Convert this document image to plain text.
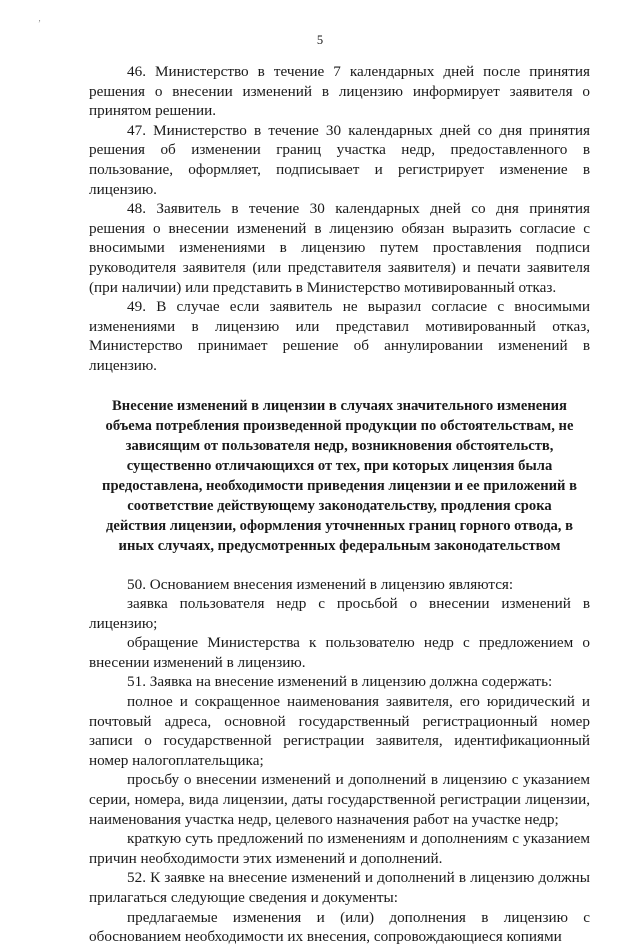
‚
5

46. Министерство в течение 7 календарных дней после принятия решения о внесении изменений в лицензию информирует заявителя о принятом решении.

47. Министерство в течение 30 календарных дней со дня принятия решения об изменении границ участка недр, предоставленного в пользование, оформляет, подписывает и регистрирует изменение в лицензию.

48. Заявитель в течение 30 календарных дней со дня принятия решения о внесении изменений в лицензию обязан выразить согласие с вносимыми изменениями в лицензию путем проставления подписи руководителя заявителя (или представителя заявителя) и печати заявителя (при наличии) или представить в Министерство мотивированный отказ.

49. В случае если заявитель не выразил согласие с вносимыми изменениями в лицензию или представил мотивированный отказ, Министерство принимает решение об аннулировании изменений в лицензию.

Внесение изменений в лицензии в случаях значительного изменения объема потребления произведенной продукции по обстоятельствам, не зависящим от пользователя недр, возникновения обстоятельств, существенно отличающихся от тех, при которых лицензия была предоставлена, необходимости приведения лицензии и ее приложений в соответствие действующему законодательству, продления срока действия лицензии, оформления уточненных границ горного отвода, в иных случаях, предусмотренных федеральным законодательством

50. Основанием внесения изменений в лицензию являются:

заявка пользователя недр с просьбой о внесении изменений в лицензию;

обращение Министерства к пользователю недр с предложением о внесении изменений в лицензию.

51. Заявка на внесение изменений в лицензию должна содержать:

полное и сокращенное наименования заявителя, его юридический и почтовый адреса, основной государственный регистрационный номер записи о государственной регистрации заявителя, идентификационный номер налогоплательщика;

просьбу о внесении изменений и дополнений в лицензию с указанием серии, номера, вида лицензии, даты государственной регистрации лицензии, наименования участка недр, целевого назначения работ на участке недр;

краткую суть предложений по изменениям и дополнениям с указанием причин необходимости этих изменений и дополнений.

52. К заявке на внесение изменений и дополнений в лицензию должны прилагаться следующие сведения и документы:

предлагаемые изменения и (или) дополнения в лицензию с обоснованием необходимости их внесения, сопровождающиеся копиями
